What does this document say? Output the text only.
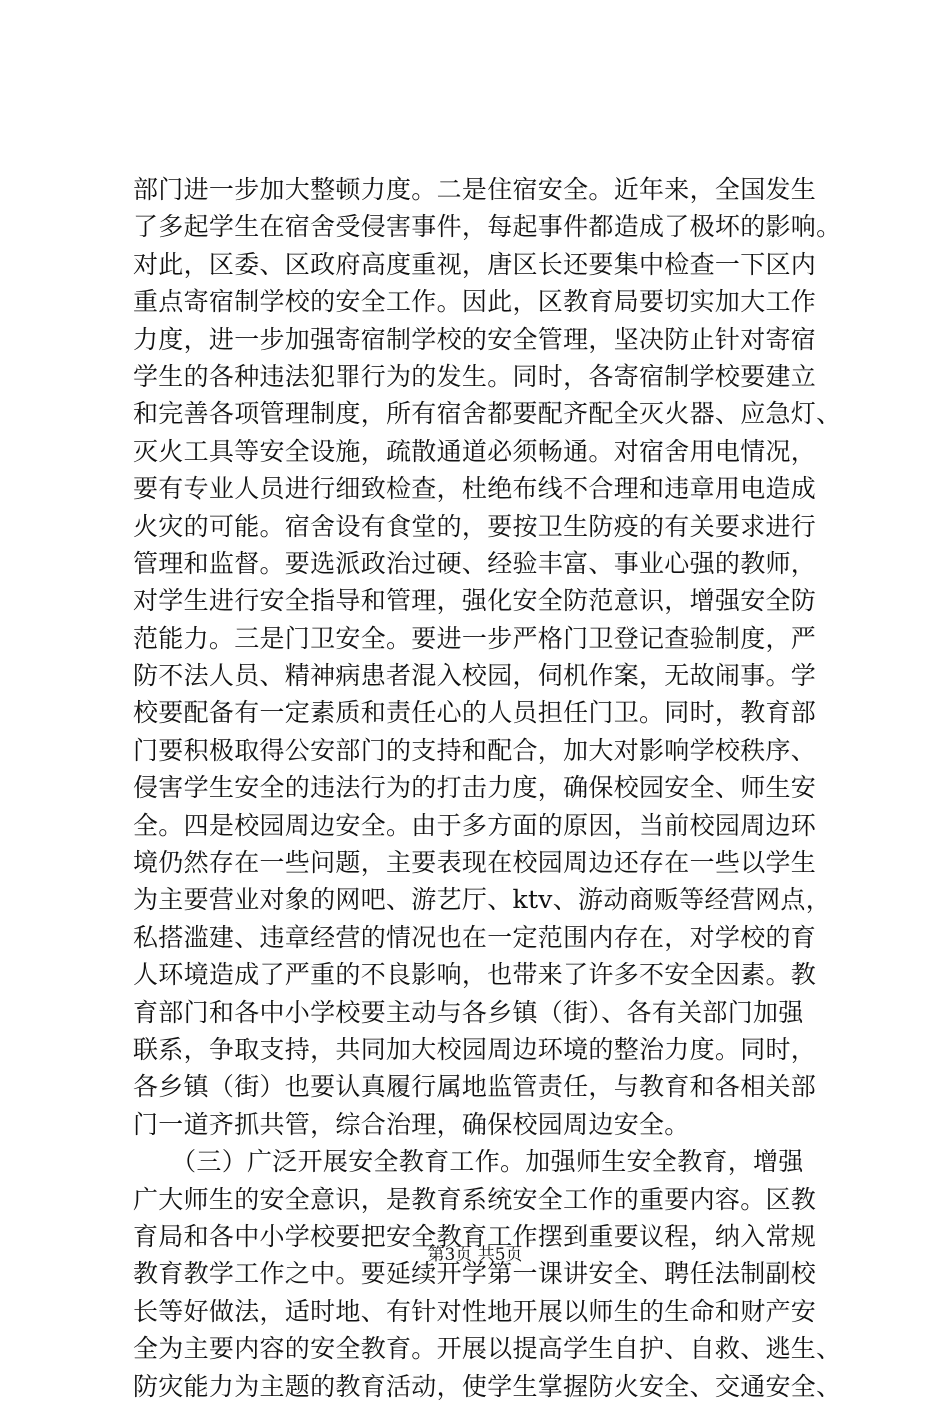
部门进一步加大整顿力度。二是住宿安全。近年来，全国发生
了多起学生在宿舍受侵害事件，每起事件都造成了极坏的影响。
对此，区委、区政府高度重视，唐区长还要集中检查一下区内
重点寄宿制学校的安全工作。因此，区教育局要切实加大工作
力度，进一步加强寄宿制学校的安全管理，坚决防止针对寄宿
学生的各种违法犯罪行为的发生。同时，各寄宿制学校要建立
和完善各项管理制度，所有宿舍都要配齐配全灭火器、应急灯、
灭火工具等安全设施，疏散通道必须畅通。对宿舍用电情况，
要有专业人员进行细致检查，杜绝布线不合理和违章用电造成
火灾的可能。宿舍设有食堂的，要按卫生防疫的有关要求进行
管理和监督。要选派政治过硬、经验丰富、事业心强的教师，
对学生进行安全指导和管理，强化安全防范意识，增强安全防
范能力。三是门卫安全。要进一步严格门卫登记查验制度，严
防不法人员、精神病患者混入校园，伺机作案，无故闹事。学
校要配备有一定素质和责任心的人员担任门卫。同时，教育部
门要积极取得公安部门的支持和配合，加大对影响学校秩序、
侵害学生安全的违法行为的打击力度，确保校园安全、师生安
全。四是校园周边安全。由于多方面的原因，当前校园周边环
境仍然存在一些问题，主要表现在校园周边还存在一些以学生
为主要营业对象的网吧、游艺厅、ktv、游动商贩等经营网点，
私搭滥建、违章经营的情况也在一定范围内存在，对学校的育
人环境造成了严重的不良影响，也带来了许多不安全因素。教
育部门和各中小学校要主动与各乡镇（街）、各有关部门加强
联系，争取支持，共同加大校园周边环境的整治力度。同时，
各乡镇（街）也要认真履行属地监管责任，与教育和各相关部
门一道齐抓共管，综合治理，确保校园周边安全。
　　（三）广泛开展安全教育工作。加强师生安全教育，增强
广大师生的安全意识，是教育系统安全工作的重要内容。区教
育局和各中小学校要把安全教育工作摆到重要议程，纳入常规
教育教学工作之中。要延续开学第一课讲安全、聘任法制副校
长等好做法，适时地、有针对性地开展以师生的生命和财产安
全为主要内容的安全教育。开展以提高学生自护、自救、逃生、
防灾能力为主题的教育活动，使学生掌握防火安全、交通安全、
第3页 共5页
